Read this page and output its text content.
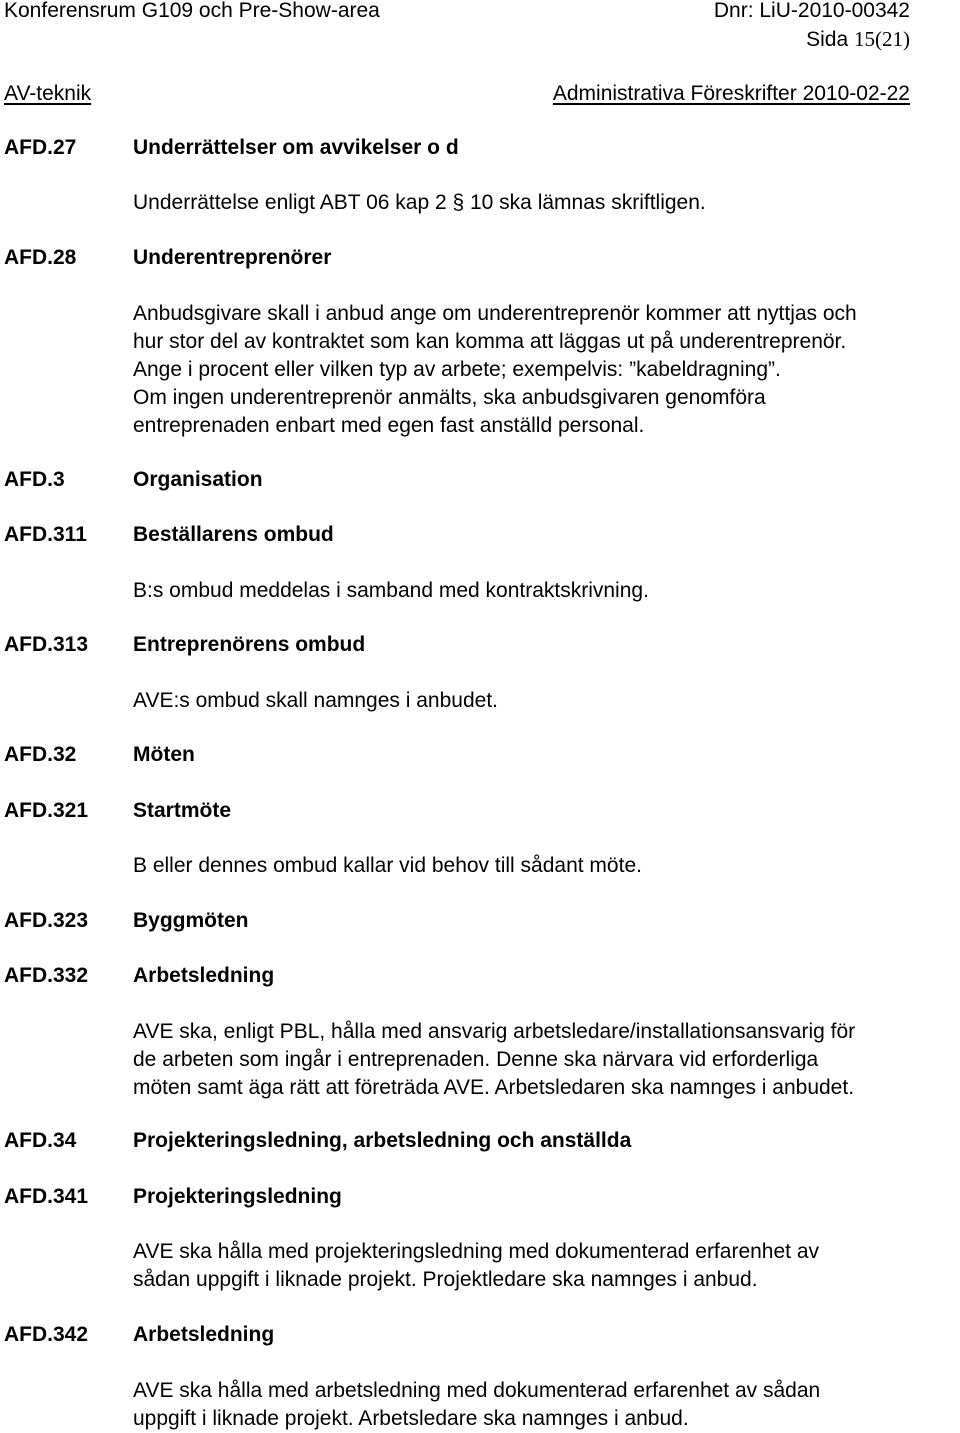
Konferensrum G109 och Pre-Show-area	Dnr: LiU-2010-00342
Sida 15(21)
AV-teknik	Administrativa Föreskrifter 2010-02-22
AFD.27	Underrättelser om avvikelser o d
Underrättelse enligt ABT 06 kap 2 § 10 ska lämnas skriftligen.
AFD.28	Underentreprenörer
Anbudsgivare skall i anbud ange om underentreprenör kommer att nyttjas och
hur stor del av kontraktet som kan komma att läggas ut på underentreprenör.
Ange i procent eller vilken typ av arbete; exempelvis: ”kabeldragning”.
Om ingen underentreprenör anmälts, ska anbudsgivaren genomföra
entreprenaden enbart med egen fast anställd personal.
AFD.3	Organisation
AFD.311 Beställarens ombud
B:s ombud meddelas i samband med kontraktskrivning.
AFD.313 Entreprenörens ombud
AVE:s ombud skall namnges i anbudet.
AFD.32	Möten
AFD.321 Startmöte
B eller dennes ombud kallar vid behov till sådant möte.
AFD.323 Byggmöten
AFD.332 Arbetsledning
AVE ska, enligt PBL, hålla med ansvarig arbetsledare/installationsansvarig för
de arbeten som ingår i entreprenaden. Denne ska närvara vid erforderliga
möten samt äga rätt att företräda AVE. Arbetsledaren ska namnges i anbudet.
AFD.34	Projekteringsledning, arbetsledning och anställda
AFD.341 Projekteringsledning
AVE ska hålla med projekteringsledning med dokumenterad erfarenhet av
sådan uppgift i liknade projekt. Projektledare ska namnges i anbud.
AFD.342 Arbetsledning
AVE ska hålla med arbetsledning med dokumenterad erfarenhet av sådan
uppgift i liknade projekt. Arbetsledare ska namnges i anbud.
